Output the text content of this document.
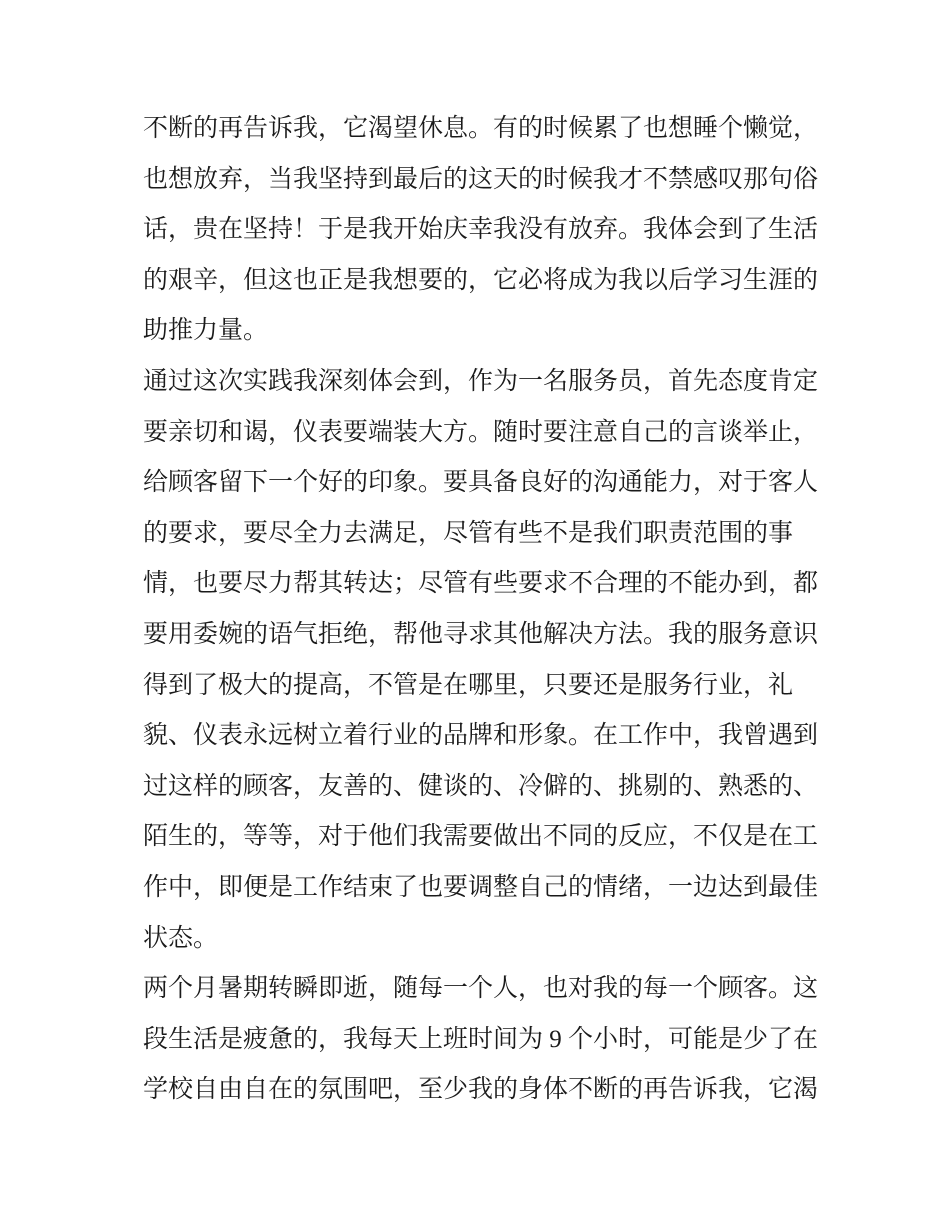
不断的再告诉我，它渴望休息。有的时候累了也想睡个懒觉，
也想放弃，当我坚持到最后的这天的时候我才不禁感叹那句俗
话，贵在坚持！于是我开始庆幸我没有放弃。我体会到了生活
的艰辛，但这也正是我想要的，它必将成为我以后学习生涯的
助推力量。
通过这次实践我深刻体会到，作为一名服务员，首先态度肯定
要亲切和谒，仪表要端装大方。随时要注意自己的言谈举止，
给顾客留下一个好的印象。要具备良好的沟通能力，对于客人
的要求，要尽全力去满足，尽管有些不是我们职责范围的事
情，也要尽力帮其转达；尽管有些要求不合理的不能办到，都
要用委婉的语气拒绝，帮他寻求其他解决方法。我的服务意识
得到了极大的提高，不管是在哪里，只要还是服务行业，礼
貌、仪表永远树立着行业的品牌和形象。在工作中，我曾遇到
过这样的顾客，友善的、健谈的、冷僻的、挑剔的、熟悉的、
陌生的，等等，对于他们我需要做出不同的反应，不仅是在工
作中，即便是工作结束了也要调整自己的情绪，一边达到最佳
状态。
两个月暑期转瞬即逝，随每一个人，也对我的每一个顾客。这
段生活是疲惫的，我每天上班时间为 9 个小时，可能是少了在
学校自由自在的氛围吧，至少我的身体不断的再告诉我，它渴
